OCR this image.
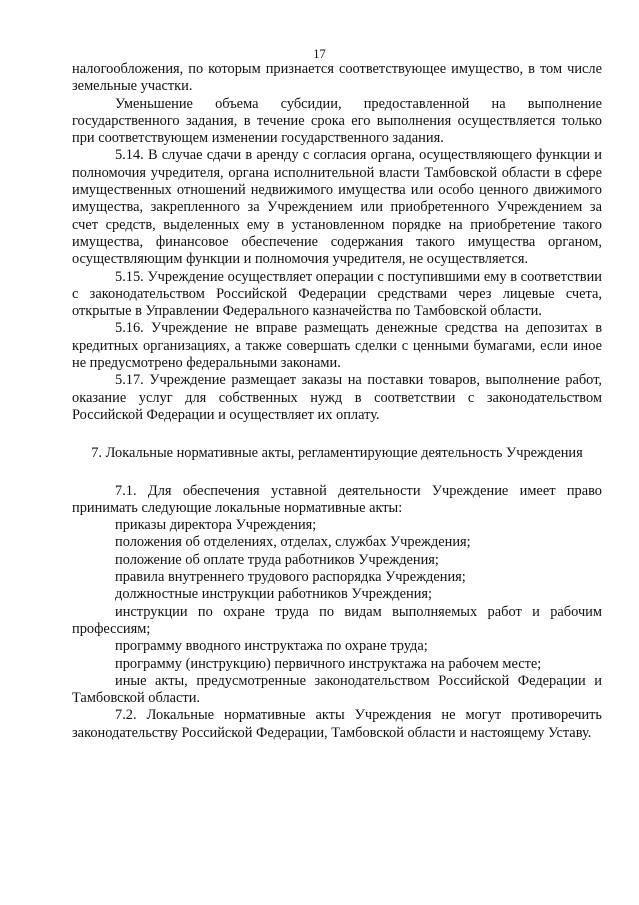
17

налогообложения, по которым признается соответствующее имущество, в том числе земельные участки.

Уменьшение объема субсидии, предоставленной на выполнение государственного задания, в течение срока его выполнения осуществляется только при соответствующем изменении государственного задания.

5.14. В случае сдачи в аренду с согласия органа, осуществляющего функции и полномочия учредителя, органа исполнительной власти Тамбовской области в сфере имущественных отношений недвижимого имущества или особо ценного движимого имущества, закрепленного за Учреждением или приобретенного Учреждением за счет средств, выделенных ему в установленном порядке на приобретение такого имущества, финансовое обеспечение содержания такого имущества органом, осуществляющим функции и полномочия учредителя, не осуществляется.

5.15. Учреждение осуществляет операции с поступившими ему в соответствии с законодательством Российской Федерации средствами через лицевые счета, открытые в Управлении Федерального казначейства по Тамбовской области.

5.16. Учреждение не вправе размещать денежные средства на депозитах в кредитных организациях, а также совершать сделки с ценными бумагами, если иное не предусмотрено федеральными законами.

5.17. Учреждение размещает заказы на поставки товаров, выполнение работ, оказание услуг для собственных нужд в соответствии с законодательством Российской Федерации и осуществляет их оплату.

7. Локальные нормативные акты, регламентирующие деятельность Учреждения

7.1. Для обеспечения уставной деятельности Учреждение имеет право принимать следующие локальные нормативные акты:

приказы директора Учреждения;

положения об отделениях, отделах, службах Учреждения;

положение об оплате труда работников Учреждения;

правила внутреннего трудового распорядка Учреждения;

должностные инструкции работников Учреждения;

инструкции по охране труда по видам выполняемых работ и рабочим профессиям;

программу вводного инструктажа по охране труда;

программу (инструкцию) первичного инструктажа на рабочем месте;

иные акты, предусмотренные законодательством Российской Федерации и Тамбовской области.

7.2. Локальные нормативные акты Учреждения не могут противоречить законодательству Российской Федерации, Тамбовской области и настоящему Уставу.
